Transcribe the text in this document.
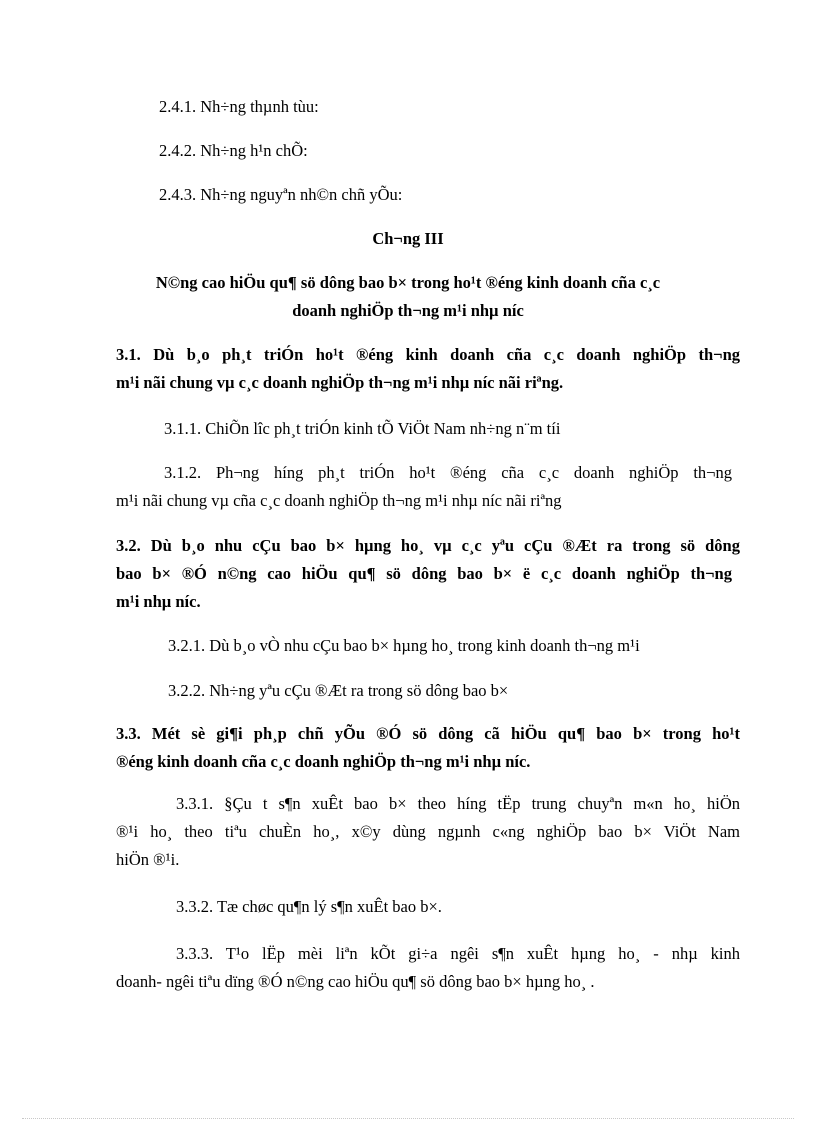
2.4.1. Nh÷ng thµnh tùu:
2.4.2. Nh÷ng h¹n chÕ:
2.4.3. Nh÷ng nguyªn nh©n chñ yÕu:
Ch¬ng III
N©ng cao hiÖu qu¶ sö dông bao b× trong ho¹t ®éng kinh doanh cña c¸c
doanh nghiÖp th¬ng m¹i nhµ níc
3.1. Dù b¸o ph¸t triÓn ho¹t ®éng kinh doanh cña c¸c doanh nghiÖp th¬ng
m¹i nãi chung vµ c¸c doanh nghiÖp th¬ng m¹i nhµ níc nãi riªng.
3.1.1. ChiÕn lîc ph¸t triÓn kinh tÕ ViÖt Nam nh÷ng n¨m tíi
3.1.2. Ph¬ng híng ph¸t triÓn ho¹t ®éng cña c¸c doanh nghiÖp th¬ng
m¹i nãi chung vµ cña c¸c doanh nghiÖp th¬ng m¹i nhµ níc nãi riªng
3.2. Dù b¸o nhu cÇu bao b× hµng ho¸ vµ c¸c yªu cÇu ®Æt ra trong sö dông
bao b× ®Ó n©ng cao hiÖu qu¶ sö dông bao b× ë c¸c doanh nghiÖp th¬ng
m¹i nhµ níc.
3.2.1. Dù b¸o vÒ nhu cÇu bao b× hµng ho¸ trong kinh doanh th¬ng m¹i
3.2.2. Nh÷ng yªu cÇu ®Æt ra trong sö dông bao b×
3.3. Mét sè gi¶i ph¸p chñ yÕu ®Ó sö dông cã hiÖu qu¶ bao b× trong ho¹t
®éng kinh doanh cña c¸c doanh nghiÖp th¬ng m¹i nhµ níc.
3.3.1. §Çu t s¶n xuÊt bao b× theo híng tËp trung chuyªn m«n ho¸ hiÖn
®¹i ho¸ theo tiªu chuÈn ho¸, x©y dùng ngµnh c«ng nghiÖp bao b× ViÖt Nam
hiÖn ®¹i.
3.3.2. Tæ chøc qu¶n lý s¶n xuÊt bao b×.
3.3.3. T¹o lËp mèi liªn kÕt gi÷a ngêi s¶n xuÊt hµng ho¸ - nhµ kinh
doanh- ngêi tiªu dïng ®Ó n©ng cao hiÖu qu¶ sö dông bao b× hµng ho¸ .
